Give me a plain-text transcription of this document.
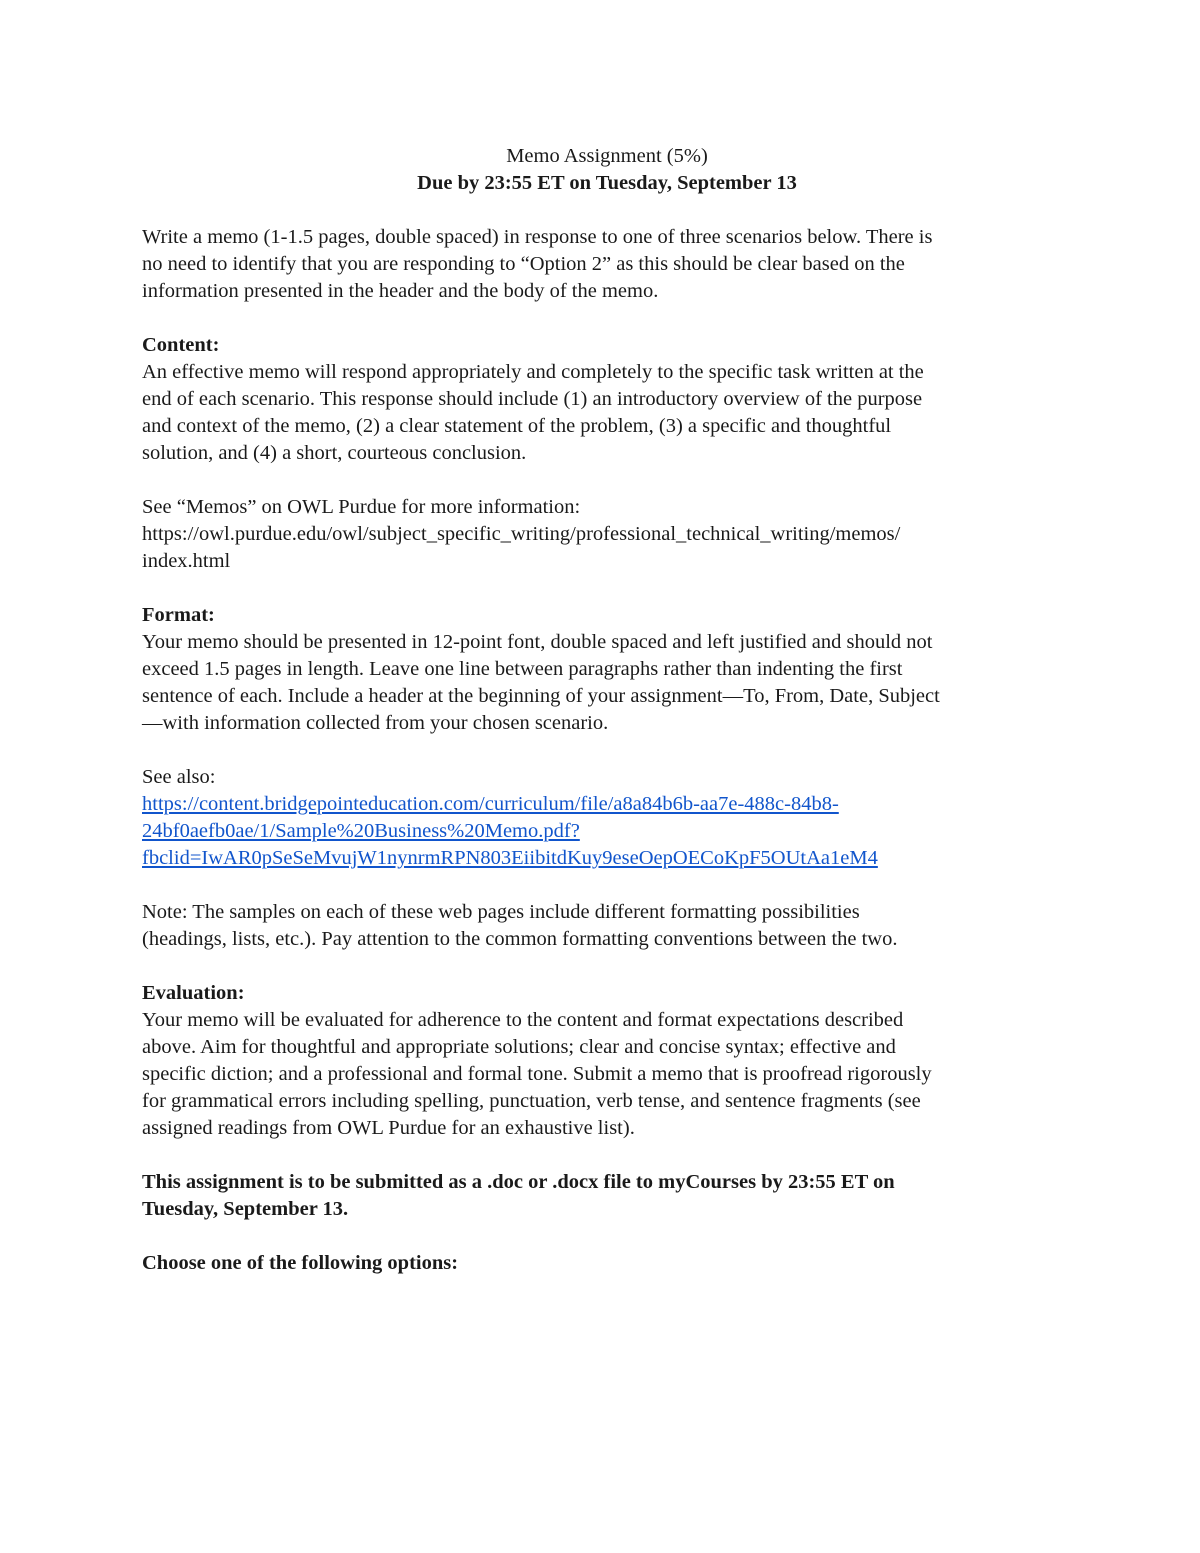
Memo Assignment (5%)

Due by 23:55 ET on Tuesday, September 13

Write a memo (1-1.5 pages, double spaced) in response to one of three scenarios below. There is
no need to identify that you are responding to “Option 2” as this should be clear based on the
information presented in the header and the body of the memo.

Content:

An effective memo will respond appropriately and completely to the specific task written at the
end of each scenario. This response should include (1) an introductory overview of the purpose
and context of the memo, (2) a clear statement of the problem, (3) a specific and thoughtful
solution, and (4) a short, courteous conclusion.
See “Memos” on OWL Purdue for more information:
https://owl.purdue.edu/owl/subject_specific_writing/professional_technical_writing/memos/
index.html

Format:

Your memo should be presented in 12-point font, double spaced and left justified and should not
exceed 1.5 pages in length. Leave one line between paragraphs rather than indenting the first
sentence of each. Include a header at the beginning of your assignment—To, From, Date, Subject
—with information collected from your chosen scenario.
See also:
https://content.bridgepointeducation.com/curriculum/file/a8a84b6b-aa7e-488c-84b8-
24bf0aefb0ae/1/Sample%20Business%20Memo.pdf?
fbclid=IwAR0pSeSeMvujW1nynrmRPN803EiibitdKuy9eseOepOECoKpF5OUtAa1eM4
Note: The samples on each of these web pages include different formatting possibilities
(headings, lists, etc.). Pay attention to the common formatting conventions between the two.

Evaluation:

Your memo will be evaluated for adherence to the content and format expectations described
above. Aim for thoughtful and appropriate solutions; clear and concise syntax; effective and
specific diction; and a professional and formal tone. Submit a memo that is proofread rigorously
for grammatical errors including spelling, punctuation, verb tense, and sentence fragments (see
assigned readings from OWL Purdue for an exhaustive list).
This assignment is to be submitted as a .doc or .docx file to myCourses by 23:55 ET on
Tuesday, September 13.

Choose one of the following options:
